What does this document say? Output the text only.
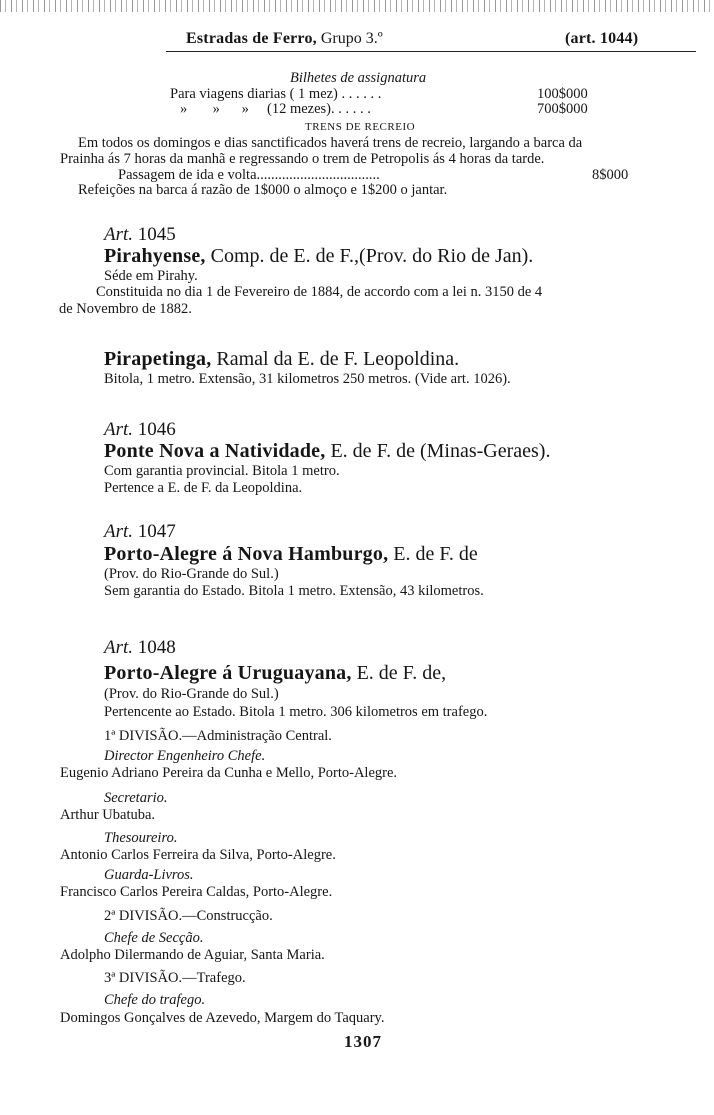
Estradas de Ferro, Grupo 3.º	(art. 1044)
Bilhetes de assignatura
Para viagens diarias ( 1 mez) . . . . . .	100$000
»       »      »     (12 mezes). . . . . .	700$000
TRENS DE RECREIO
Em todos os domingos e dias sanctificados haverá trens de recreio, largando a barca da
Prainha ás 7 horas da manhã e regressando o trem de Petropolis ás 4 horas da tarde.
Passagem de ida e volta..................................	8$000
Refeições na barca á razão de 1$000 o almoço e 1$200 o jantar.
Art. 1045
Pirahyense, Comp. de E. de F.,(Prov. do Rio de Jan).
Séde em Pirahy.
Constituida no dia 1 de Fevereiro de 1884, de accordo com a lei n. 3150 de 4
de Novembro de 1882.
Pirapetinga, Ramal da E. de F. Leopoldina.
Bitola, 1 metro. Extensão, 31 kilometros 250 metros. (Vide art. 1026).
Art. 1046
Ponte Nova a Natividade, E. de F. de (Minas-Geraes).
Com garantia provincial. Bitola 1 metro.
Pertence a E. de F. da Leopoldina.
Art. 1047
Porto-Alegre á Nova Hamburgo, E. de F. de
(Prov. do Rio-Grande do Sul.)
Sem garantia do Estado. Bitola 1 metro. Extensão, 43 kilometros.
Art. 1048
Porto-Alegre á Uruguayana, E. de F. de,
(Prov. do Rio-Grande do Sul.)
Pertencente ao Estado. Bitola 1 metro. 306 kilometros em trafego.
1ª DIVISÃO.—Administração Central.
Director Engenheiro Chefe.
Eugenio Adriano Pereira da Cunha e Mello, Porto-Alegre.
Secretario.
Arthur Ubatuba.
Thesoureiro.
Antonio Carlos Ferreira da Silva, Porto-Alegre.
Guarda-Livros.
Francisco Carlos Pereira Caldas, Porto-Alegre.
2ª DIVISÃO.—Construcção.
Chefe de Secção.
Adolpho Dilermando de Aguiar, Santa Maria.
3ª DIVISÃO.—Trafego.
Chefe do trafego.
Domingos Gonçalves de Azevedo, Margem do Taquary.
1307
